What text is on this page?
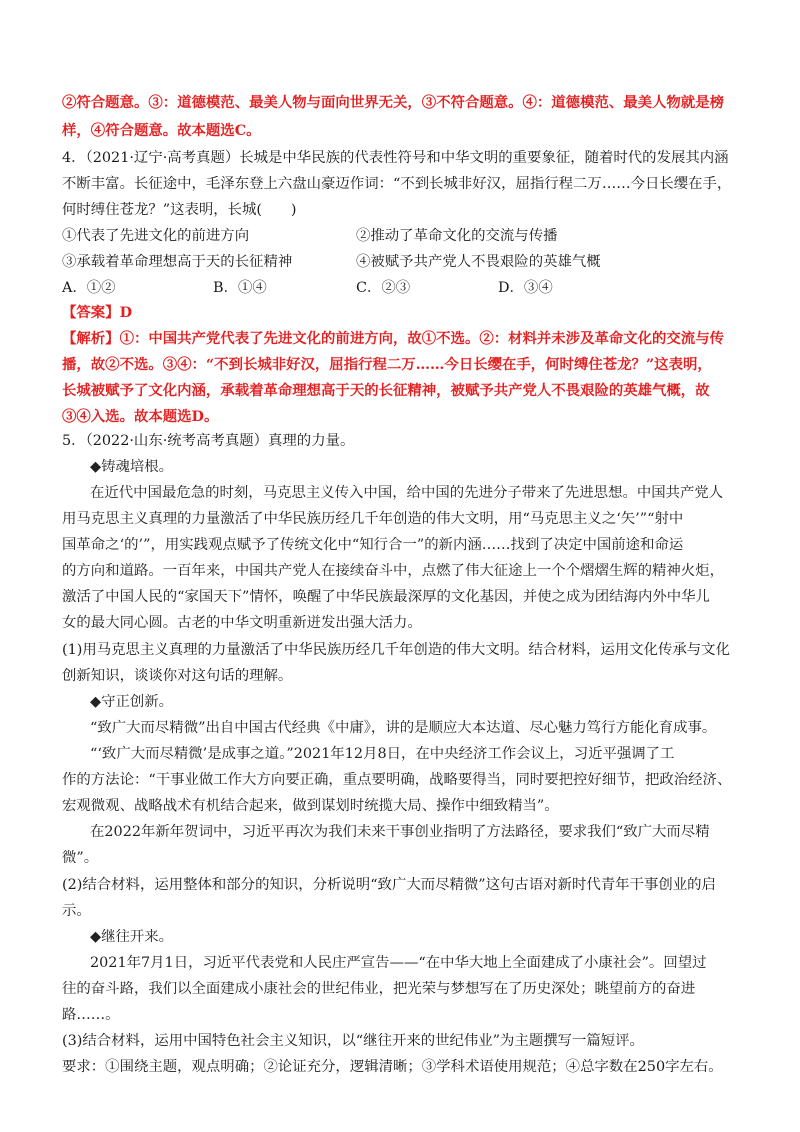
②符合题意。③：道德模范、最美人物与面向世界无关，③不符合题意。④：道德模范、最美人物就是榜
样，④符合题意。故本题选C。
4．（2021·辽宁·高考真题）长城是中华民族的代表性符号和中华文明的重要象征，随着时代的发展其内涵
不断丰富。长征途中，毛泽东登上六盘山豪迈作词：“不到长城非好汉，屈指行程二万……今日长缨在手，
何时缚住苍龙？”这表明，长城(　　)
①代表了先进文化的前进方向	②推动了革命文化的交流与传播
③承载着革命理想高于天的长征精神	④被赋予共产党人不畏艰险的英雄气概
A．①②	B．①④	C．②③	D．③④
【答案】D
【解析】①：中国共产党代表了先进文化的前进方向，故①不选。②：材料并未涉及革命文化的交流与传
播，故②不选。③④：“不到长城非好汉，屈指行程二万……今日长缨在手，何时缚住苍龙？”这表明，
长城被赋予了文化内涵，承载着革命理想高于天的长征精神，被赋予共产党人不畏艰险的英雄气概，故
③④入选。故本题选D。
5．（2022·山东·统考高考真题）真理的力量。
◆铸魂培根。
在近代中国最危急的时刻，马克思主义传入中国，给中国的先进分子带来了先进思想。中国共产党人
用马克思主义真理的力量激活了中华民族历经几千年创造的伟大文明，用“马克思主义之‘矢’”“射中
国革命之‘的’”，用实践观点赋予了传统文化中“知行合一”的新内涵……找到了决定中国前途和命运
的方向和道路。一百年来，中国共产党人在接续奋斗中，点燃了伟大征途上一个个熠熠生辉的精神火炬，
激活了中国人民的“家国天下”情怀，唤醒了中华民族最深厚的文化基因，并使之成为团结海内外中华儿
女的最大同心圆。古老的中华文明重新迸发出强大活力。
(1)用马克思主义真理的力量激活了中华民族历经几千年创造的伟大文明。结合材料，运用文化传承与文化
创新知识，谈谈你对这句话的理解。
◆守正创新。
“致广大而尽精微”出自中国古代经典《中庸》，讲的是顺应大本达道、尽心魅力笃行方能化育成事。
“‘致广大而尽精微’是成事之道。”2021年12月8日，在中央经济工作会议上，习近平强调了工
作的方法论：“干事业做工作大方向要正确，重点要明确，战略要得当，同时要把控好细节，把政治经济、
宏观微观、战略战术有机结合起来，做到谋划时统揽大局、操作中细致精当”。
在2022年新年贺词中，习近平再次为我们未来干事创业指明了方法路径，要求我们“致广大而尽精
微”。
(2)结合材料，运用整体和部分的知识，分析说明“致广大而尽精微”这句古语对新时代青年干事创业的启
示。
◆继往开来。
2021年7月1日，习近平代表党和人民庄严宣告——“在中华大地上全面建成了小康社会”。回望过
往的奋斗路，我们以全面建成小康社会的世纪伟业，把光荣与梦想写在了历史深处；眺望前方的奋进
路……。
(3)结合材料，运用中国特色社会主义知识，以“继往开来的世纪伟业”为主题撰写一篇短评。
要求：①围绕主题，观点明确；②论证充分，逻辑清晰；③学科术语使用规范；④总字数在250字左右。
